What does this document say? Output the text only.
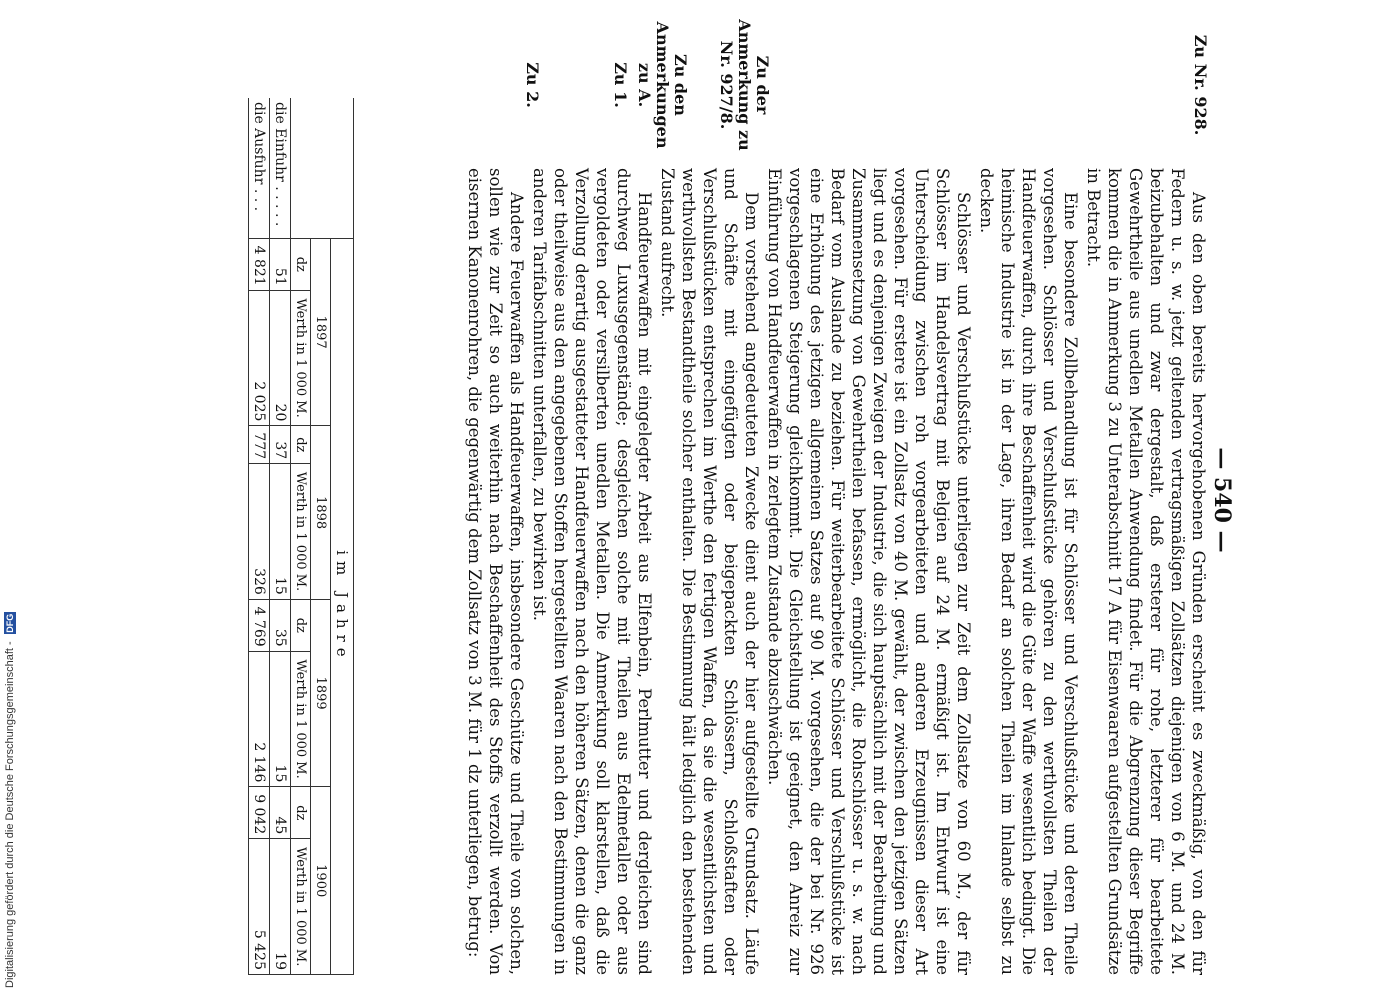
— 540 —
Zu Nr. 928.
Zu der Anmerkung zu Nr. 927/8.
Zu den Anmerkungen zu A.
Zu 1.
Zu 2.

Aus den oben bereits hervorgehobenen Gründen erscheint es zweckmäßig, von den für Federn u. s. w. jetzt geltenden vertragsmäßigen Zollsätzen diejenigen von 6 M. und 24 M. beizubehalten und zwar dergestalt, daß ersterer für rohe, letzterer für bearbeitete Gewehrtheile aus unedlen Metallen Anwendung findet. Für die Abgrenzung dieser Begriffe kommen die in Anmerkung 3 zu Unterabschnitt 17 A für Eisenwaaren aufgestellten Grundsätze in Betracht.

Eine besondere Zollbehandlung ist für Schlösser und Verschlußstücke und deren Theile vorgesehen. Schlösser und Verschlußstücke gehören zu den werthvollsten Theilen der Handfeuerwaffen, durch ihre Beschaffenheit wird die Güte der Waffe wesentlich bedingt. Die heimische Industrie ist in der Lage, ihren Bedarf an solchen Theilen im Inlande selbst zu decken.

Schlösser und Verschlußstücke unterliegen zur Zeit dem Zollsatze von 60 M., der für Schlösser im Handelsvertrag mit Belgien auf 24 M. ermäßigt ist. Im Entwurf ist eine Unterscheidung zwischen roh vorgearbeiteten und anderen Erzeugnissen dieser Art vorgesehen. Für erstere ist ein Zollsatz von 40 M. gewählt, der zwischen den jetzigen Sätzen liegt und es denjenigen Zweigen der Industrie, die sich hauptsächlich mit der Bearbeitung und Zusammensetzung von Gewehrtheilen befassen, ermöglicht, die Rohschlösser u. s. w. nach Bedarf vom Auslande zu beziehen. Für weiterbearbeitete Schlösser und Verschlußstücke ist eine Erhöhung des jetzigen allgemeinen Satzes auf 90 M. vorgesehen, die der bei Nr. 926 vorgeschlagenen Steigerung gleichkommt. Die Gleichstellung ist geeignet, den Anreiz zur Einführung von Handfeuerwaffen in zerlegtem Zustande abzuschwächen.

Dem vorstehend angedeuteten Zwecke dient auch der hier aufgestellte Grundsatz. Läufe und Schäfte mit eingefügten oder beigepackten Schlössern, Schloßstaften oder Verschlußstücken entsprechen im Werthe den fertigen Waffen, da sie die wesentlichsten und werthvollsten Bestandtheile solcher enthalten. Die Bestimmung hält lediglich den bestehenden Zustand aufrecht.

Handfeuerwaffen mit eingelegter Arbeit aus Elfenbein, Perlmutter und dergleichen sind durchweg Luxusgegenstände; desgleichen solche mit Theilen aus Edelmetallen oder aus vergoldeten oder versilberten unedlen Metallen. Die Anmerkung soll klarstellen, daß die Verzollung derartig ausgestatteter Handfeuerwaffen nach den höheren Sätzen, denen die ganz oder theilweise aus den angegebenen Stoffen hergestellten Waaren nach den Bestimmungen in anderen Tarifabschnitten unterfallen, zu bewirken ist.

Andere Feuerwaffen als Handfeuerwaffen, insbesondere Geschütze und Theile von solchen, sollen wie zur Zeit so auch weiterhin nach Beschaffenheit des Stoffs verzollt werden. Von eisernen Kanonenrohren, die gegenwärtig dem Zollsatz von 3 M. für 1 dz unterliegen, betrug:

	im Jahre							
	1897		1898		1899		1900	
	dz	Werth in 1 000 M.	dz	Werth in 1 000 M.	dz	Werth in 1 000 M.	dz	Werth in 1 000 M.
die Einfuhr . . . . .	51	20	37	15	35	15	45	19
die Ausfuhr . . .	4 821	2 025	777	326	4 769	2 146	9 042	5 425
Digitalisierung gefördert durch die Deutsche Forschungsgemeinschaft - DFG
